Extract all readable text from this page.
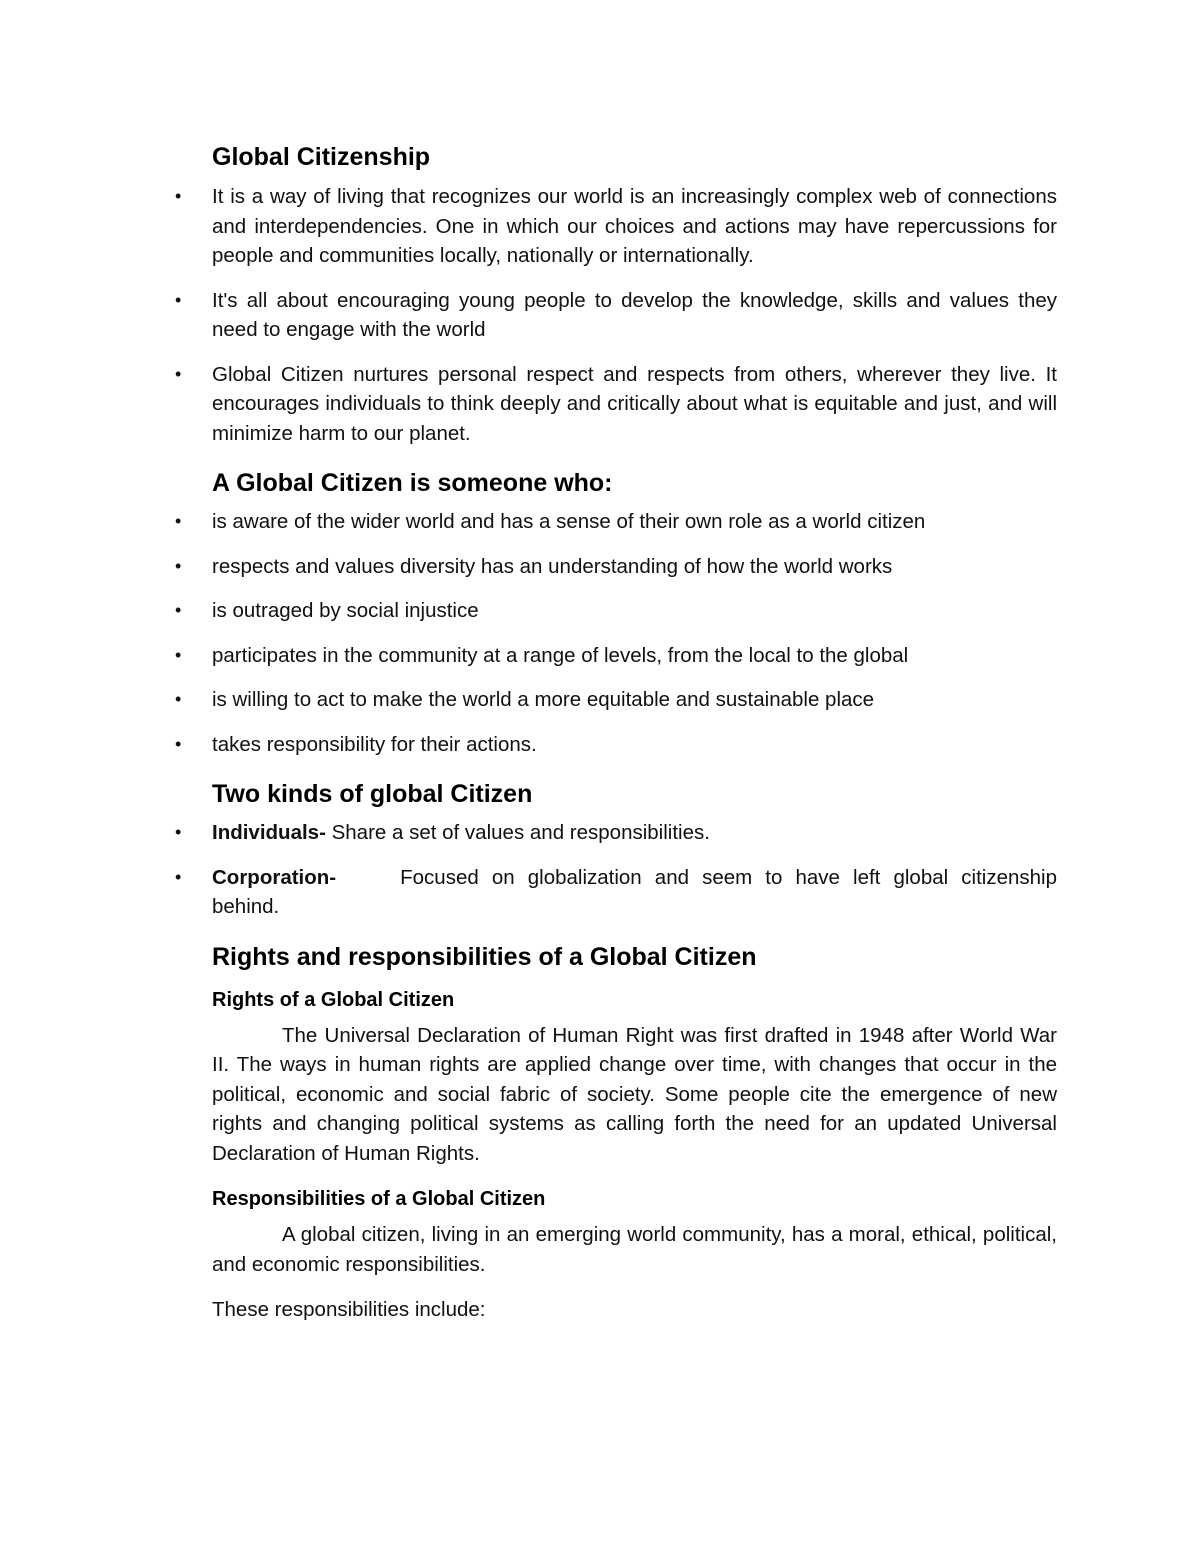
Global Citizenship
• It is a way of living that recognizes our world is an increasingly complex web of connections and interdependencies. One in which our choices and actions may have repercussions for people and communities locally, nationally or internationally.
• It's all about encouraging young people to develop the knowledge, skills and values they need to engage with the world
• Global Citizen nurtures personal respect and respects from others, wherever they live. It encourages individuals to think deeply and critically about what is equitable and just, and will minimize harm to our planet.
A Global Citizen is someone who:
• is aware of the wider world and has a sense of their own role as a world citizen
• respects and values diversity has an understanding of how the world works
• is outraged by social injustice
• participates in the community at a range of levels, from the local to the global
• is willing to act to make the world a more equitable and sustainable place
• takes responsibility for their actions.
Two kinds of global Citizen
• Individuals- Share a set of values and responsibilities.
• Corporation-	Focused on globalization and seem to have left global citizenship behind.
Rights and responsibilities of a Global Citizen
Rights of a Global Citizen

The Universal Declaration of Human Right was first drafted in 1948 after World War II. The ways in human rights are applied change over time, with changes that occur in the political, economic and social fabric of society. Some people cite the emergence of new rights and changing political systems as calling forth the need for an updated Universal Declaration of Human Rights.

Responsibilities of a Global Citizen

A global citizen, living in an emerging world community, has a moral, ethical, political, and economic responsibilities.

These responsibilities include:
